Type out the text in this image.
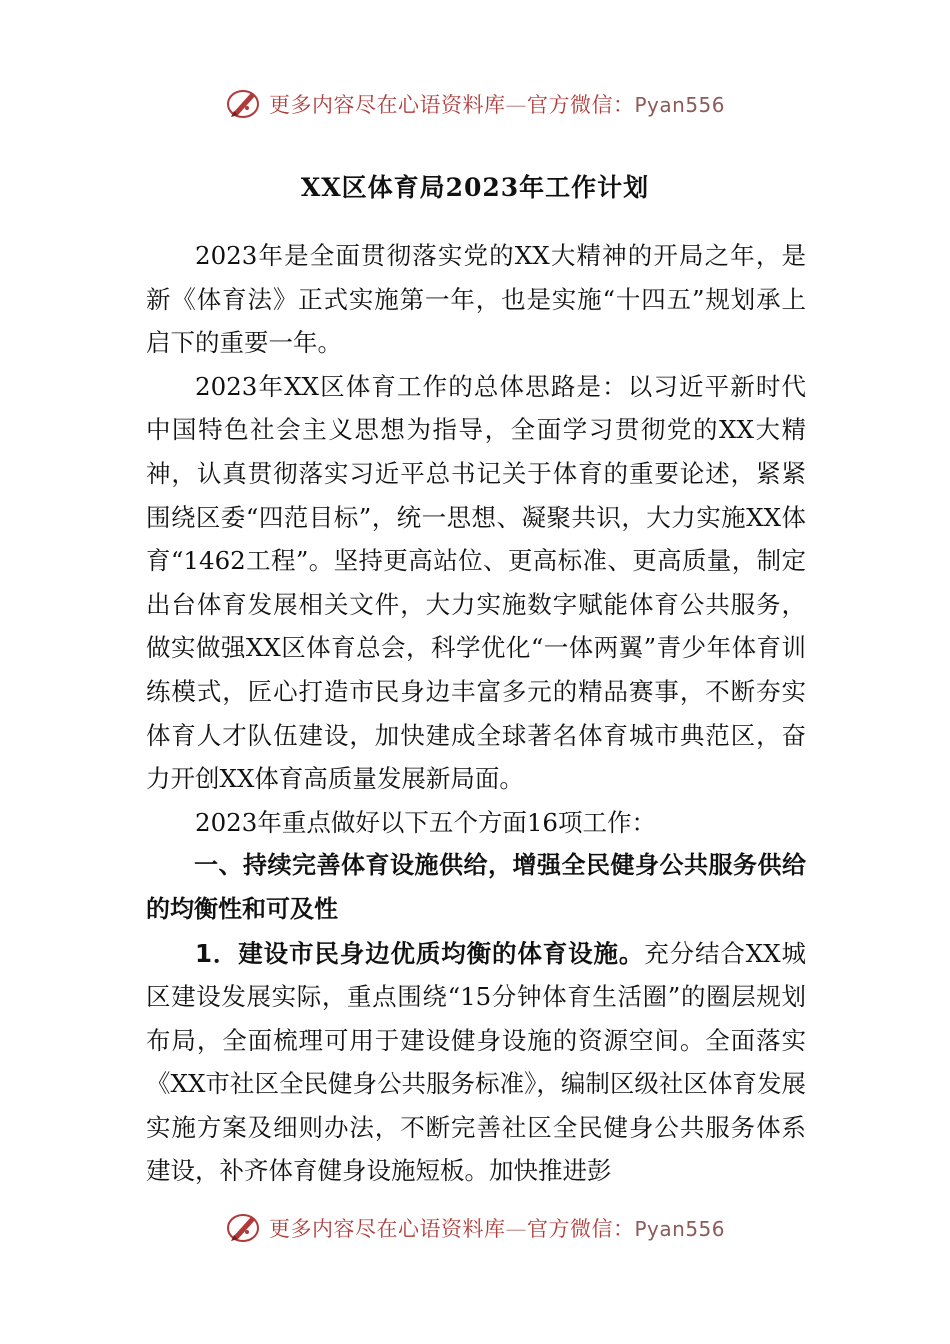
更多内容尽在心语资料库—官方微信：Pyan556
XX区体育局2023年工作计划

2023年是全面贯彻落实党的XX大精神的开局之年，是新《体育法》正式实施第一年，也是实施“十四五”规划承上启下的重要一年。

2023年XX区体育工作的总体思路是：以习近平新时代中国特色社会主义思想为指导，全面学习贯彻党的XX大精神，认真贯彻落实习近平总书记关于体育的重要论述，紧紧围绕区委“四范目标”，统一思想、凝聚共识，大力实施XX体育“1462工程”。坚持更高站位、更高标准、更高质量，制定出台体育发展相关文件，大力实施数字赋能体育公共服务，做实做强XX区体育总会，科学优化“一体两翼”青少年体育训练模式，匠心打造市民身边丰富多元的精品赛事，不断夯实体育人才队伍建设，加快建成全球著名体育城市典范区，奋力开创XX体育高质量发展新局面。

2023年重点做好以下五个方面16项工作：

一、持续完善体育设施供给，增强全民健身公共服务供给的均衡性和可及性

1．建设市民身边优质均衡的体育设施。充分结合XX城区建设发展实际，重点围绕“15分钟体育生活圈”的圈层规划布局，全面梳理可用于建设健身设施的资源空间。全面落实《XX市社区全民健身公共服务标准》，编制区级社区体育发展实施方案及细则办法，不断完善社区全民健身公共服务体系建设，补齐体育健身设施短板。加快推进彭

更多内容尽在心语资料库—官方微信：Pyan556
